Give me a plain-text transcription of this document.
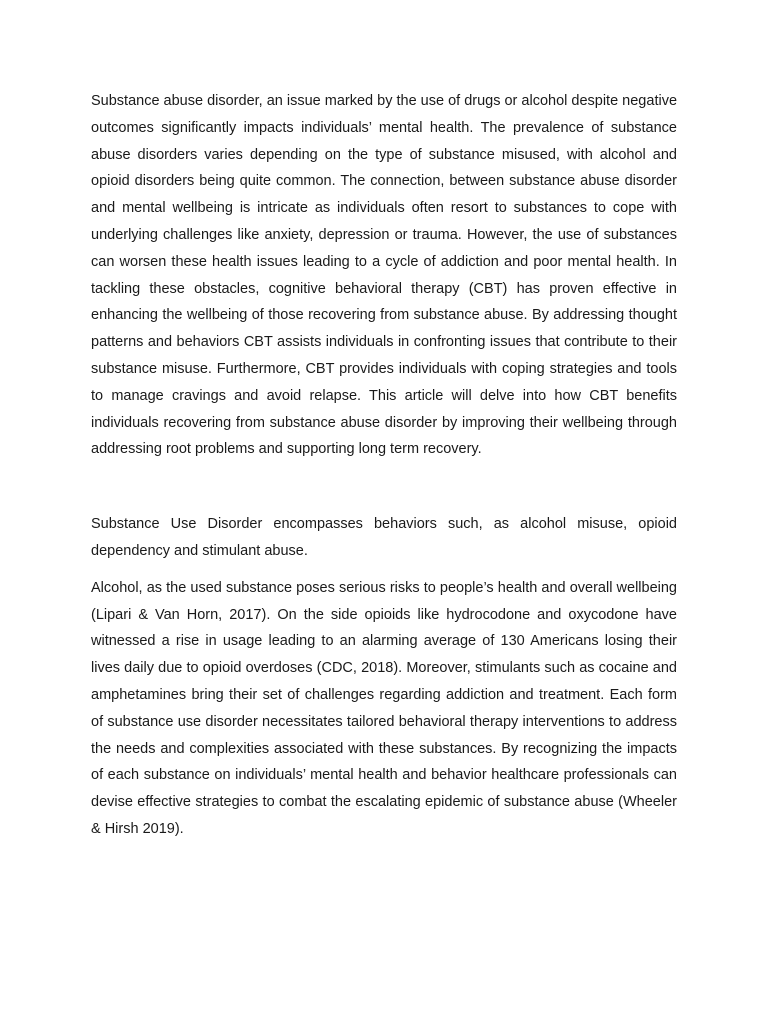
Substance abuse disorder, an issue marked by the use of drugs or alcohol despite negative outcomes significantly impacts individuals’ mental health. The prevalence of substance abuse disorders varies depending on the type of substance misused, with alcohol and opioid disorders being quite common. The connection, between substance abuse disorder and mental wellbeing is intricate as individuals often resort to substances to cope with underlying challenges like anxiety, depression or trauma. However, the use of substances can worsen these health issues leading to a cycle of addiction and poor mental health. In tackling these obstacles, cognitive behavioral therapy (CBT) has proven effective in enhancing the wellbeing of those recovering from substance abuse. By addressing thought patterns and behaviors CBT assists individuals in confronting issues that contribute to their substance misuse. Furthermore, CBT provides individuals with coping strategies and tools to manage cravings and avoid relapse. This article will delve into how CBT benefits individuals recovering from substance abuse disorder by improving their wellbeing through addressing root problems and supporting long term recovery.

Substance Use Disorder encompasses behaviors such, as alcohol misuse, opioid dependency and stimulant abuse.

Alcohol, as the used substance poses serious risks to people’s health and overall wellbeing (Lipari & Van Horn, 2017). On the side opioids like hydrocodone and oxycodone have witnessed a rise in usage leading to an alarming average of 130 Americans losing their lives daily due to opioid overdoses (CDC, 2018). Moreover, stimulants such as cocaine and amphetamines bring their set of challenges regarding addiction and treatment. Each form of substance use disorder necessitates tailored behavioral therapy interventions to address the needs and complexities associated with these substances. By recognizing the impacts of each substance on individuals’ mental health and behavior healthcare professionals can devise effective strategies to combat the escalating epidemic of substance abuse (Wheeler & Hirsh 2019).
